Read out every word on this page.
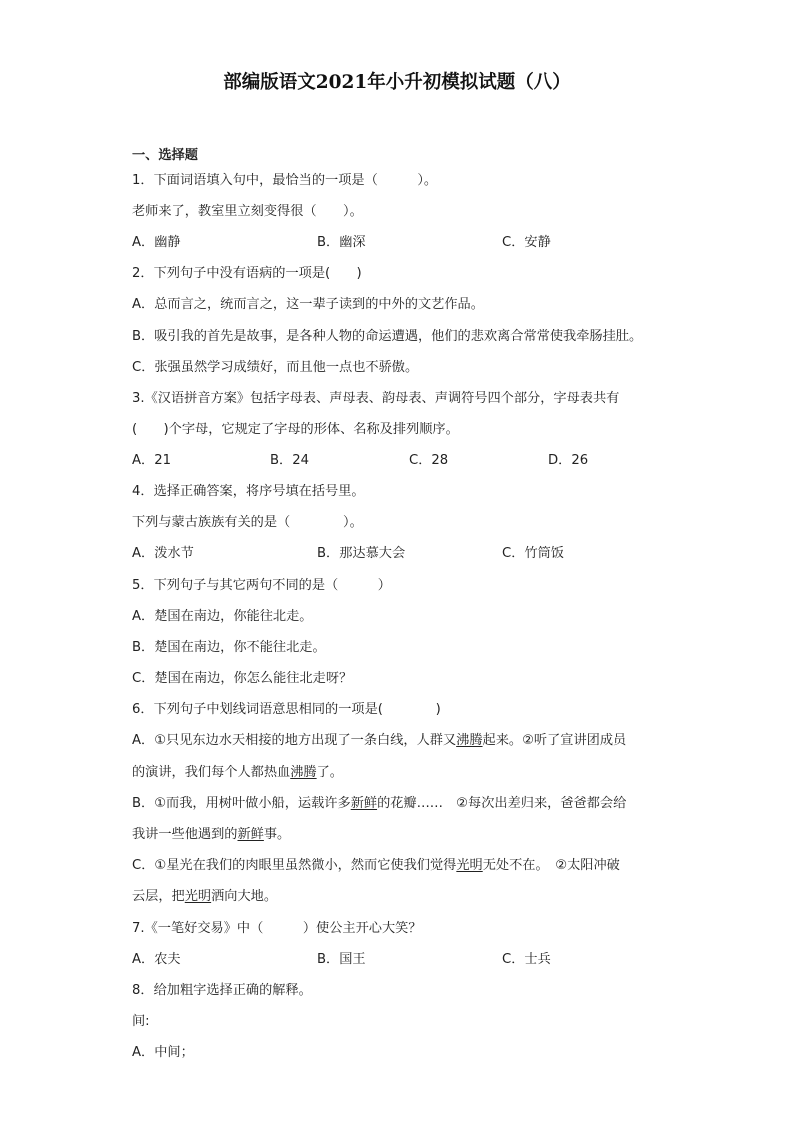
部编版语文2021年小升初模拟试题（八）
一、选择题
1．下面词语填入句中，最恰当的一项是（　　　）。
老师来了，教室里立刻变得很（　　）。
A．幽静	B．幽深	C．安静
2．下列句子中没有语病的一项是(　　)
A．总而言之，统而言之，这一辈子读到的中外的文艺作品。
B．吸引我的首先是故事，是各种人物的命运遭遇，他们的悲欢离合常常使我牵肠挂肚。
C．张强虽然学习成绩好，而且他一点也不骄傲。
3.《汉语拼音方案》包括字母表、声母表、韵母表、声调符号四个部分，字母表共有
(　　)个字母，它规定了字母的形体、名称及排列顺序。
A．21	B．24	C．28	D．26
4．选择正确答案，将序号填在括号里。
下列与蒙古族族有关的是（　　　　）。
A．泼水节	B．那达慕大会	C．竹筒饭
5．下列句子与其它两句不同的是（　　　）
A．楚国在南边，你能往北走。
B．楚国在南边，你不能往北走。
C．楚国在南边，你怎么能往北走呀？
6．下列句子中划线词语意思相同的一项是(　　　　)
A．①只见东边水天相接的地方出现了一条白线，人群又沸腾起来。②听了宣讲团成员
的演讲，我们每个人都热血沸腾了。
B．①而我，用树叶做小船，运载许多新鲜的花瓣……　②每次出差归来，爸爸都会给
我讲一些他遇到的新鲜事。
C．①星光在我们的肉眼里虽然微小，然而它使我们觉得光明无处不在。　②太阳冲破
云层，把光明洒向大地。
7.《一笔好交易》中（　　　）使公主开心大笑？
A．农夫	B．国王	C．士兵
8．给加粗字选择正确的解释。
间:
A．中间；
